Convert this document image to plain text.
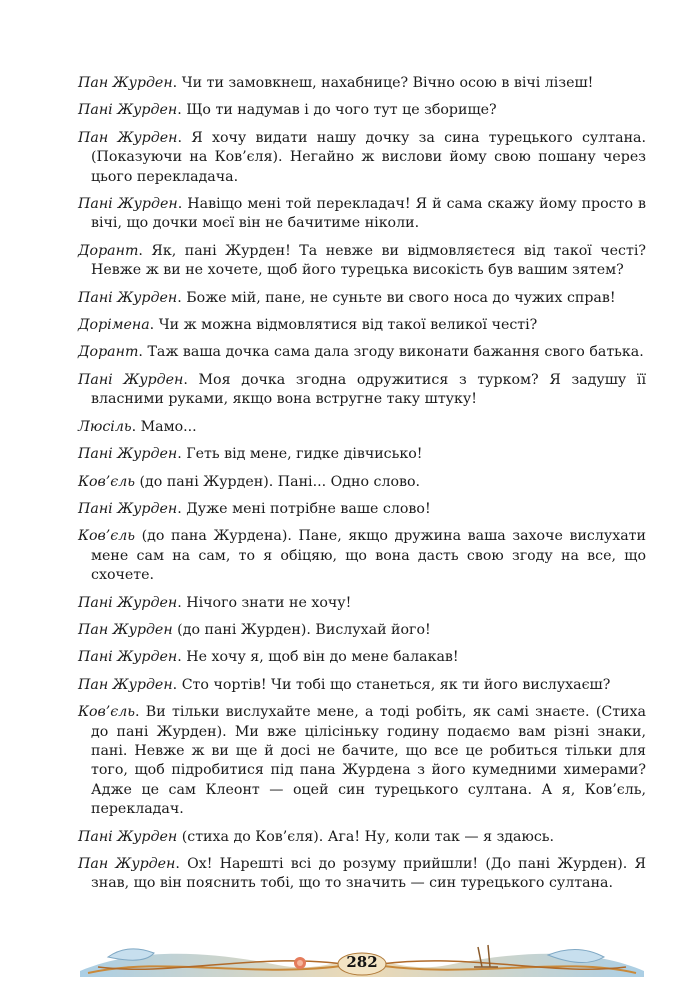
Пан Журден. Чи ти замовкнеш, нахабнице? Вічно осою в вічі лізеш!

Пані Журден. Що ти надумав і до чого тут це зборище?

Пан Журден. Я хочу видати нашу дочку за сина турецького султана. (Показуючи на Ков’єля). Негайно ж вислови йому свою пошану через цього перекладача.

Пані Журден. Навіщо мені той перекладач! Я й сама скажу йому просто в вічі, що дочки моєї він не бачитиме ніколи.

Дорант. Як, пані Журден! Та невже ви відмовляєтеся від такої честі? Невже ж ви не хочете, щоб його турецька високість був вашим зятем?

Пані Журден. Боже мій, пане, не суньте ви свого носа до чужих справ!

Дорімена. Чи ж можна відмовлятися від такої великої честі?

Дорант. Таж ваша дочка сама дала згоду виконати бажання свого батька.

Пані Журден. Моя дочка згодна одружитися з турком? Я задушу її власними руками, якщо вона встругне таку штуку!

Люсіль. Мамо...

Пані Журден. Геть від мене, гидке дівчисько!

Ков’єль (до пані Журден). Пані... Одно слово.

Пані Журден. Дуже мені потрібне ваше слово!

Ков’єль (до пана Журдена). Пане, якщо дружина ваша захоче вислухати мене сам на сам, то я обіцяю, що вона дасть свою згоду на все, що схочете.

Пані Журден. Нічого знати не хочу!

Пан Журден (до пані Журден). Вислухай його!

Пані Журден. Не хочу я, щоб він до мене балакав!

Пан Журден. Сто чортів! Чи тобі що станеться, як ти його вислухаєш?

Ков’єль. Ви тільки вислухайте мене, а тоді робіть, як самі знаєте. (Стиха до пані Журден). Ми вже цілісіньку годину подаємо вам різні знаки, пані. Невже ж ви ще й досі не бачите, що все це робиться тільки для того, щоб підробитися під пана Журдена з його кумедними химерами? Адже це сам Клеонт — оцей син турецького султана. А я, Ков’єль, перекладач.

Пані Журден (стиха до Ков’єля). Ага! Ну, коли так — я здаюсь.

Пан Журден. Ох! Нарешті всі до розуму прийшли! (До пані Журден). Я знав, що він пояснить тобі, що то значить — син турецького султана.

282
